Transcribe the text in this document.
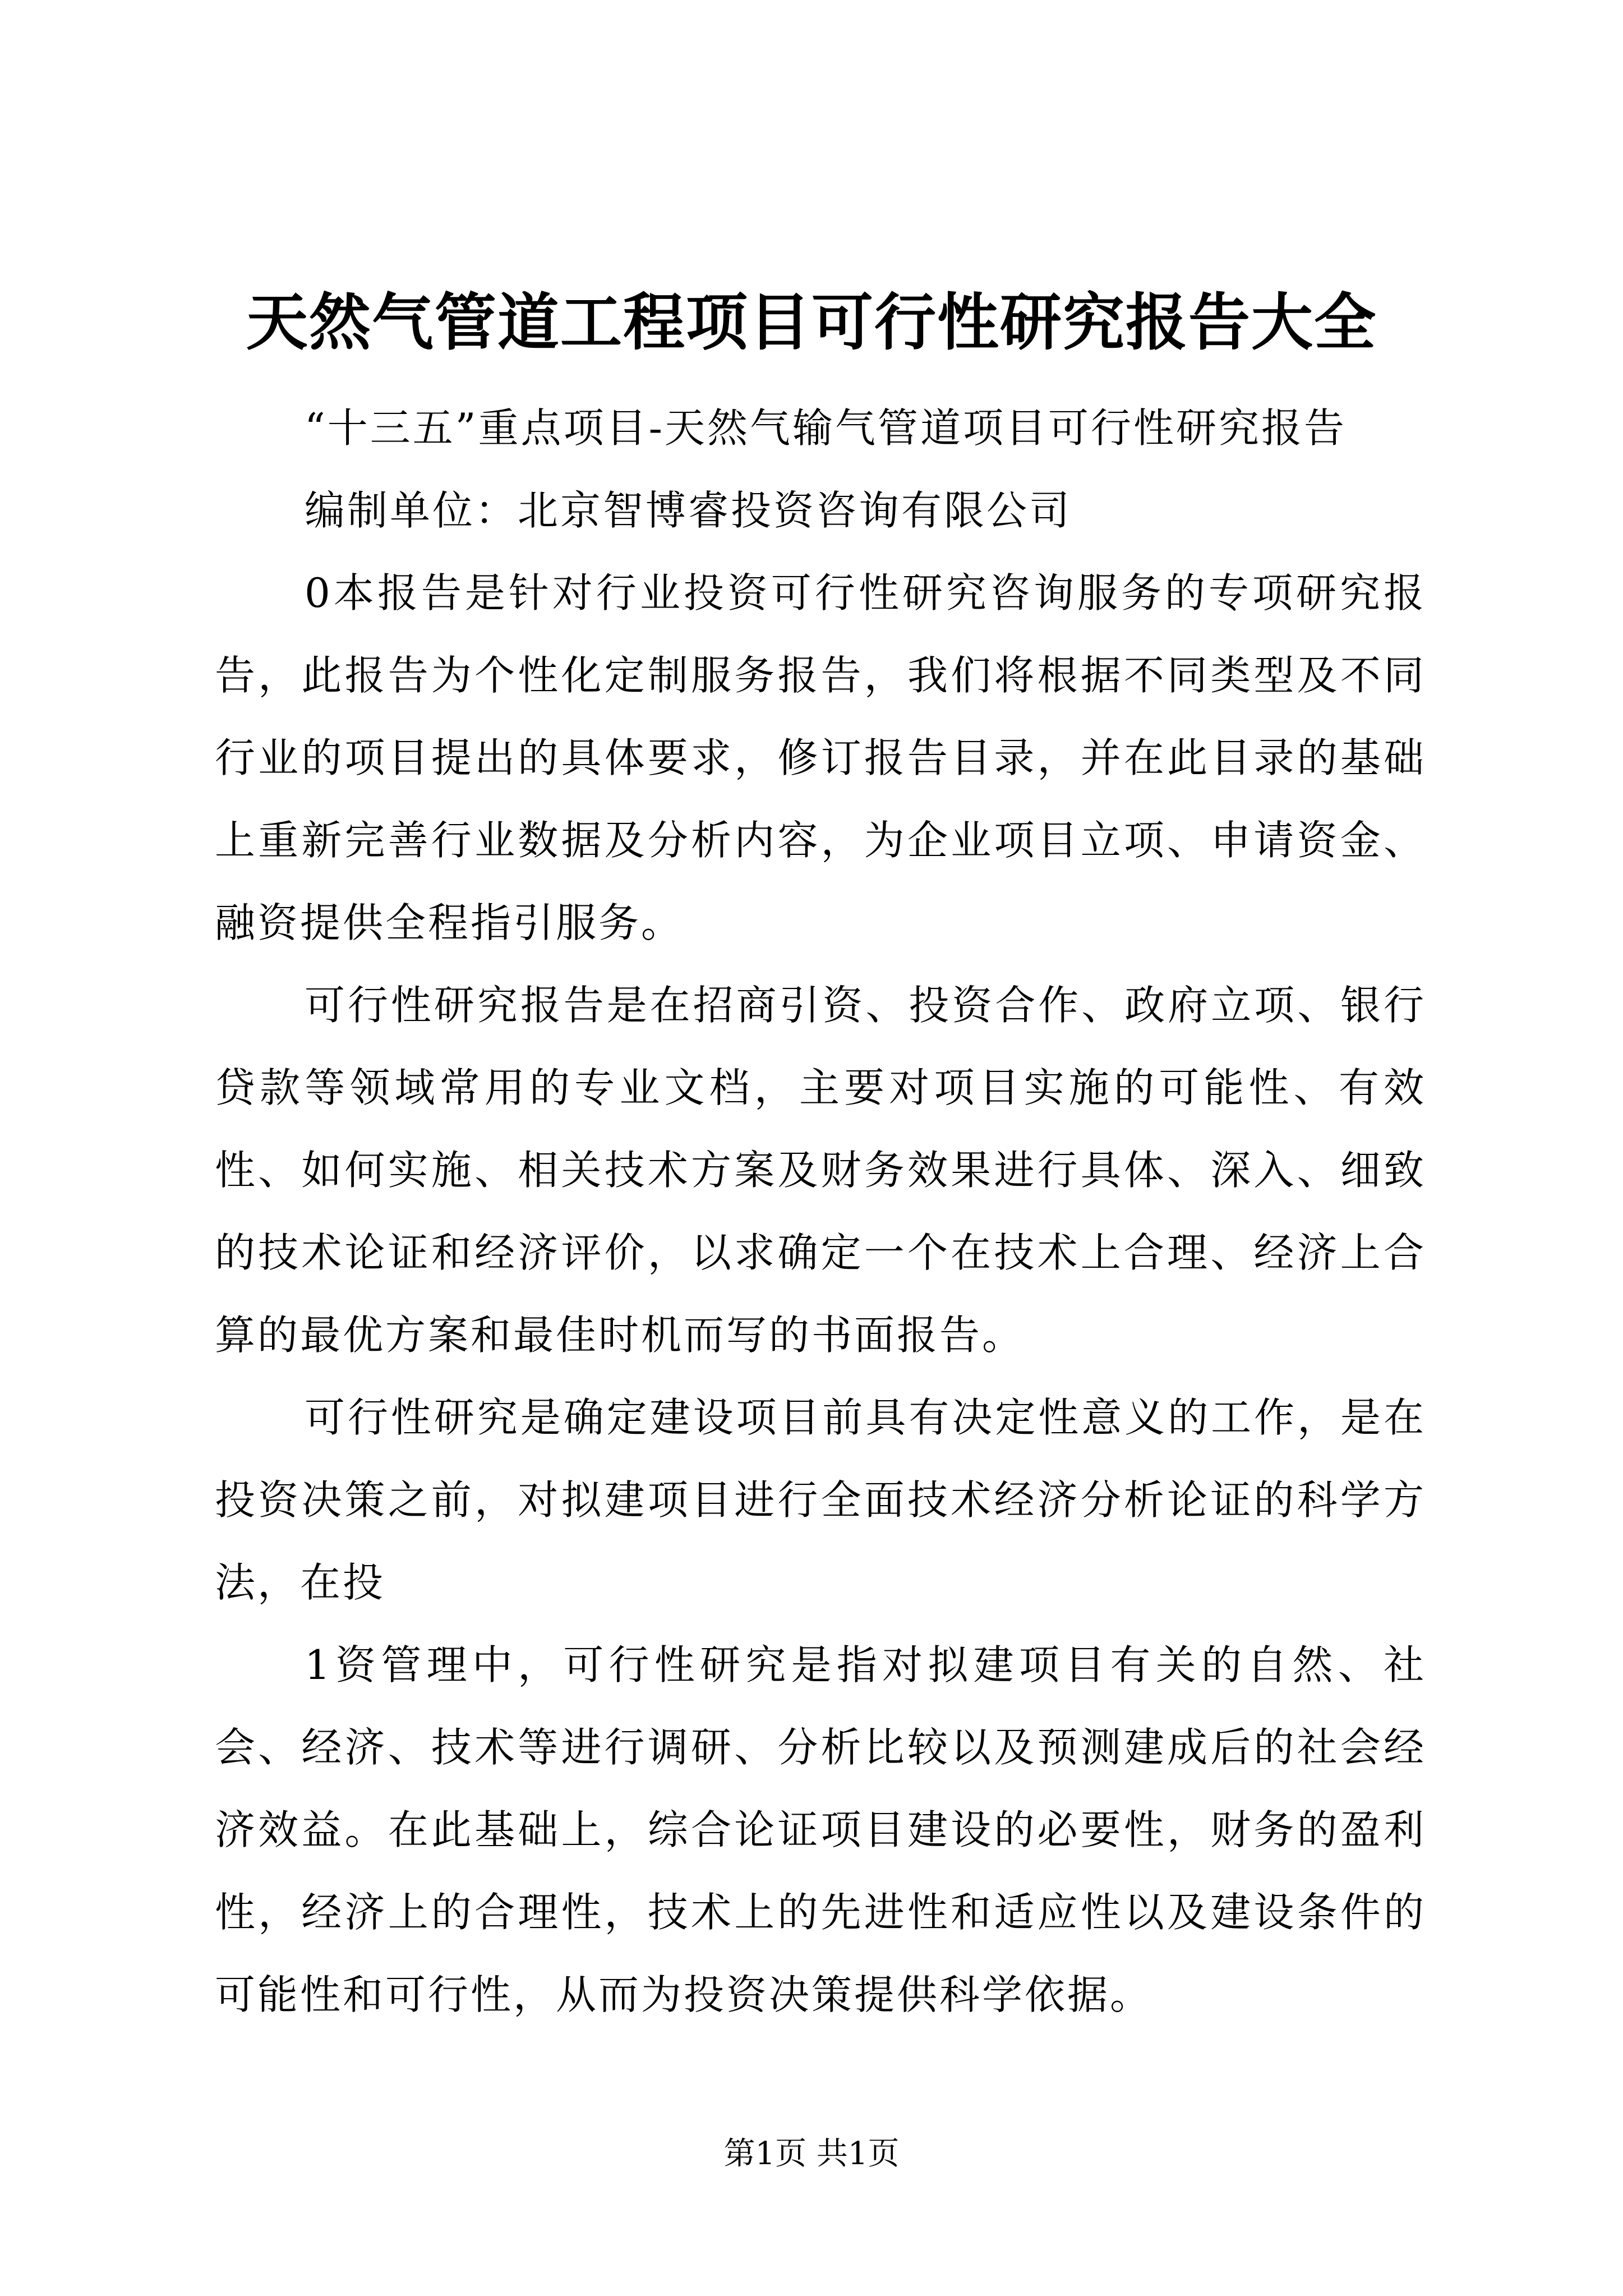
天然气管道工程项目可行性研究报告大全

“十三五”重点项目-天然气输气管道项目可行性研究报告

编制单位：北京智博睿投资咨询有限公司

0本报告是针对行业投资可行性研究咨询服务的专项研究报告，此报告为个性化定制服务报告，我们将根据不同类型及不同行业的项目提出的具体要求，修订报告目录，并在此目录的基础上重新完善行业数据及分析内容，为企业项目立项、申请资金、融资提供全程指引服务。

可行性研究报告是在招商引资、投资合作、政府立项、银行贷款等领域常用的专业文档，主要对项目实施的可能性、有效性、如何实施、相关技术方案及财务效果进行具体、深入、细致的技术论证和经济评价，以求确定一个在技术上合理、经济上合算的最优方案和最佳时机而写的书面报告。

可行性研究是确定建设项目前具有决定性意义的工作，是在投资决策之前，对拟建项目进行全面技术经济分析论证的科学方法，在投

1资管理中，可行性研究是指对拟建项目有关的自然、社会、经济、技术等进行调研、分析比较以及预测建成后的社会经济效益。在此基础上，综合论证项目建设的必要性，财务的盈利性，经济上的合理性，技术上的先进性和适应性以及建设条件的可能性和可行性，从而为投资决策提供科学依据。

第1页 共1页
